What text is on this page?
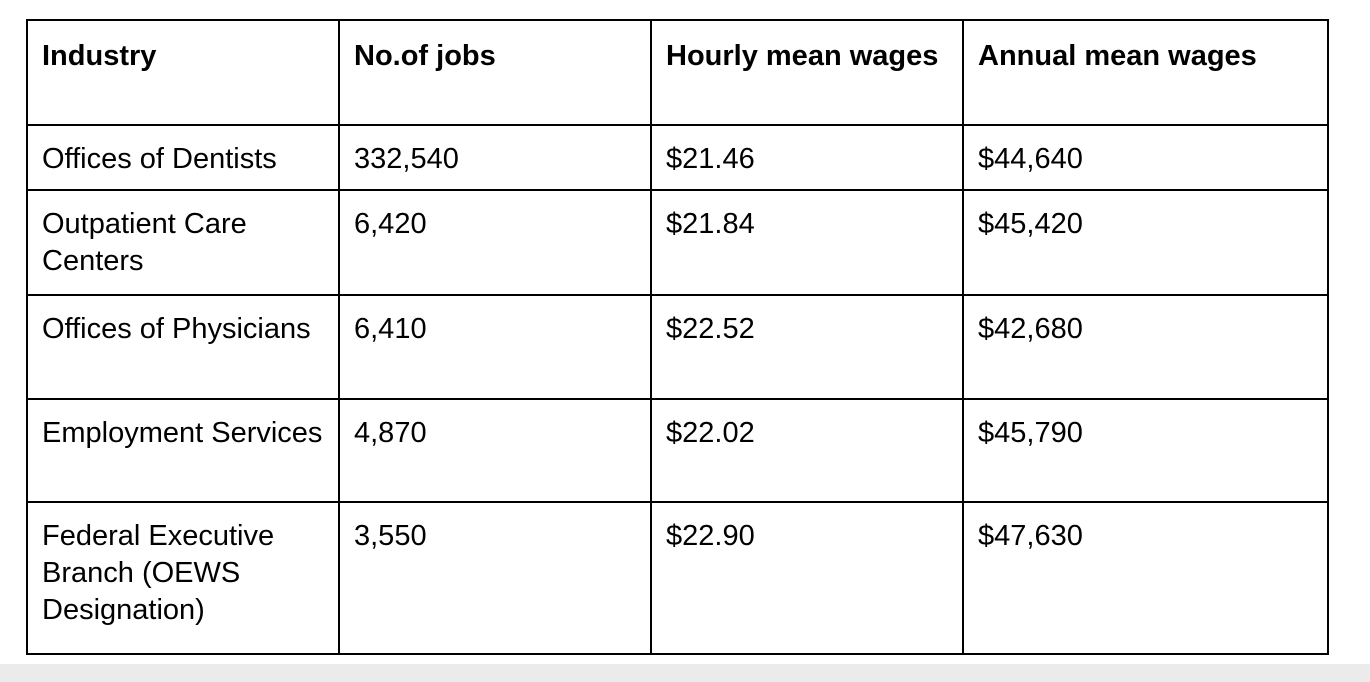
Industry	No.of jobs	Hourly mean wages	Annual mean wages
Offices of Dentists	332,540	$21.46	$44,640
Outpatient Care Centers	6,420	$21.84	$45,420
Offices of Physicians	6,410	$22.52	$42,680
Employment Services	4,870	$22.02	$45,790
Federal Executive Branch (OEWS Designation)	3,550	$22.90	$47,630
